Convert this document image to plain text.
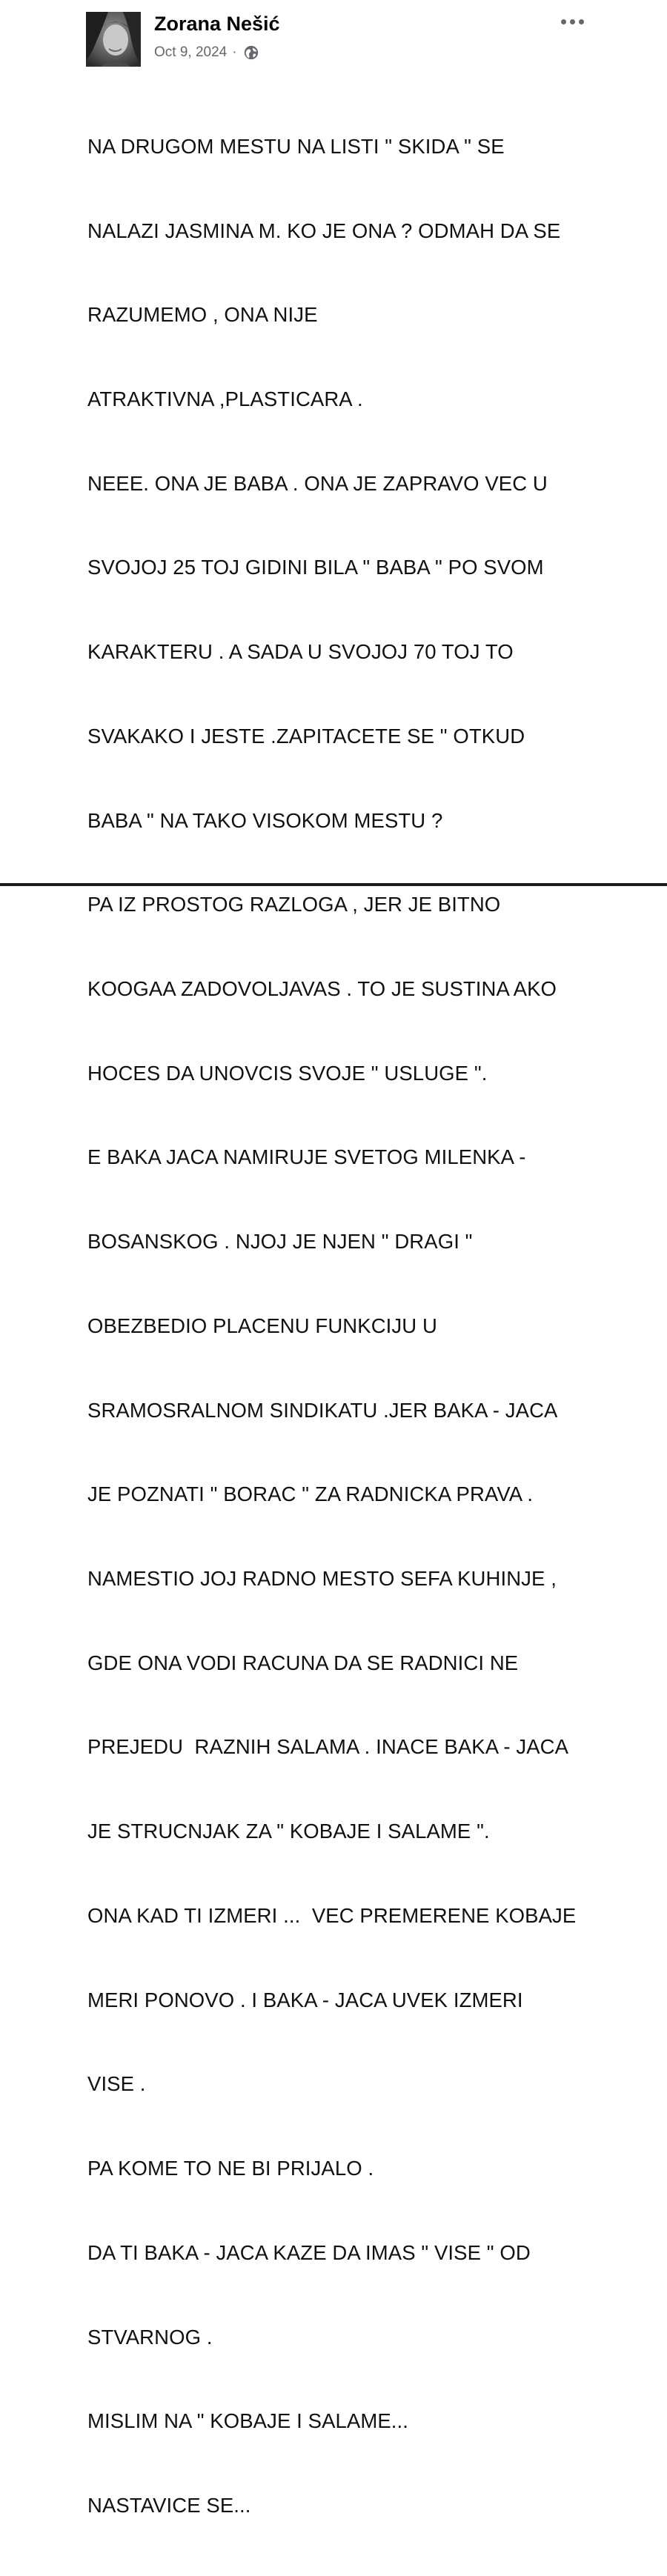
Zorana Nešić
Oct 9, 2024 ·

NA DRUGOM MESTU NA LISTI " SKIDA " SE

NALAZI JASMINA M. KO JE ONA ? ODMAH DA SE

RAZUMEMO , ONA NIJE

ATRAKTIVNA ,PLASTICARA .

NEEE. ONA JE BABA . ONA JE ZAPRAVO VEC U

SVOJOJ 25 TOJ GIDINI BILA " BABA " PO SVOM

KARAKTERU . A SADA U SVOJOJ 70 TOJ TO

SVAKAKO I JESTE .ZAPITACETE SE " OTKUD

BABA " NA TAKO VISOKOM MESTU ?

PA IZ PROSTOG RAZLOGA , JER JE BITNO

KOOGAA ZADOVOLJAVAS . TO JE SUSTINA AKO

HOCES DA UNOVCIS SVOJE " USLUGE ".

E BAKA JACA NAMIRUJE SVETOG MILENKA -

BOSANSKOG . NJOJ JE NJEN " DRAGI "

OBEZBEDIO PLACENU FUNKCIJU U

SRAMOSRALNOM SINDIKATU .JER BAKA - JACA

JE POZNATI " BORAC " ZA RADNICKA PRAVA .

NAMESTIO JOJ RADNO MESTO SEFA KUHINJE ,

GDE ONA VODI RACUNA DA SE RADNICI NE

PREJEDU  RAZNIH SALAMA . INACE BAKA - JACA

JE STRUCNJAK ZA " KOBAJE I SALAME ".

ONA KAD TI IZMERI ...  VEC PREMERENE KOBAJE

MERI PONOVO . I BAKA - JACA UVEK IZMERI

VISE .

PA KOME TO NE BI PRIJALO .

DA TI BAKA - JACA KAZE DA IMAS " VISE " OD

STVARNOG .

MISLIM NA " KOBAJE I SALAME...

NASTAVICE SE...
